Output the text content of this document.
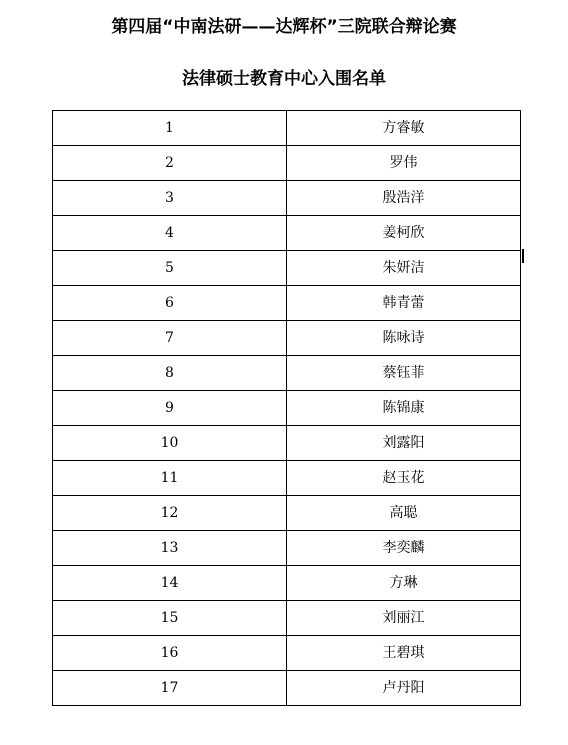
第四届“中南法研——达辉杯”三院联合辩论赛
法律硕士教育中心入围名单
1	方睿敏
2	罗伟
3	殷浩洋
4	姜柯欣
5	朱妍洁
6	韩青蕾
7	陈咏诗
8	蔡钰菲
9	陈锦康
10	刘露阳
11	赵玉花
12	高聪
13	李奕麟
14	方琳
15	刘丽江
16	王碧琪
17	卢丹阳
